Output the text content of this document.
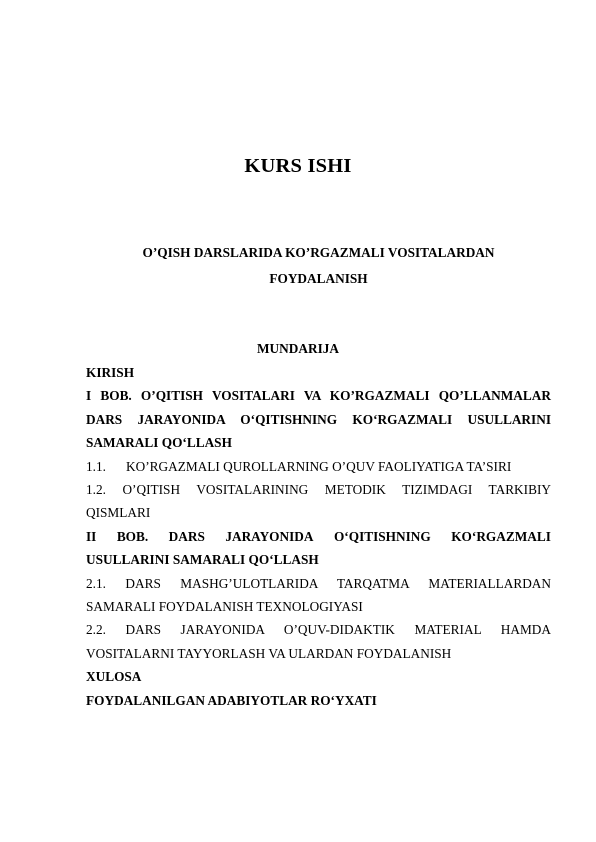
KURS ISHI
O’QISH DARSLARIDA KO’RGAZMALI VOSITALARDAN
FOYDALANISH
MUNDARIJA
KIRISH
I BOB. O’QITISH VOSITALARI VA KO’RGAZMALI QO’LLANMALAR
DARS JARAYONIDA O‘QITISHNING KO‘RGAZMALI USULLARINI
SAMARALI QO‘LLASH
1.1. KO’RGAZMALI QUROLLARNING O’QUV FAOLIYATIGA TA’SIRI
1.2. O’QITISH VOSITALARINING METODIK TIZIMDAGI TARKIBIY
QISMLARI
II BOB. DARS JARAYONIDA O‘QITISHNING KO‘RGAZMALI
USULLARINI SAMARALI QO‘LLASH
2.1. DARS MASHG’ULOTLARIDA TARQATMA MATERIALLARDAN
SAMARALI FOYDALANISH TEXNOLOGIYASI
2.2. DARS JARAYONIDA O’QUV-DIDAKTIK MATERIAL HAMDA
VOSITALARNI TAYYORLASH VA ULARDAN FOYDALANISH
XULOSA
FOYDALANILGAN ADABIYOTLAR RO‘YXATI
